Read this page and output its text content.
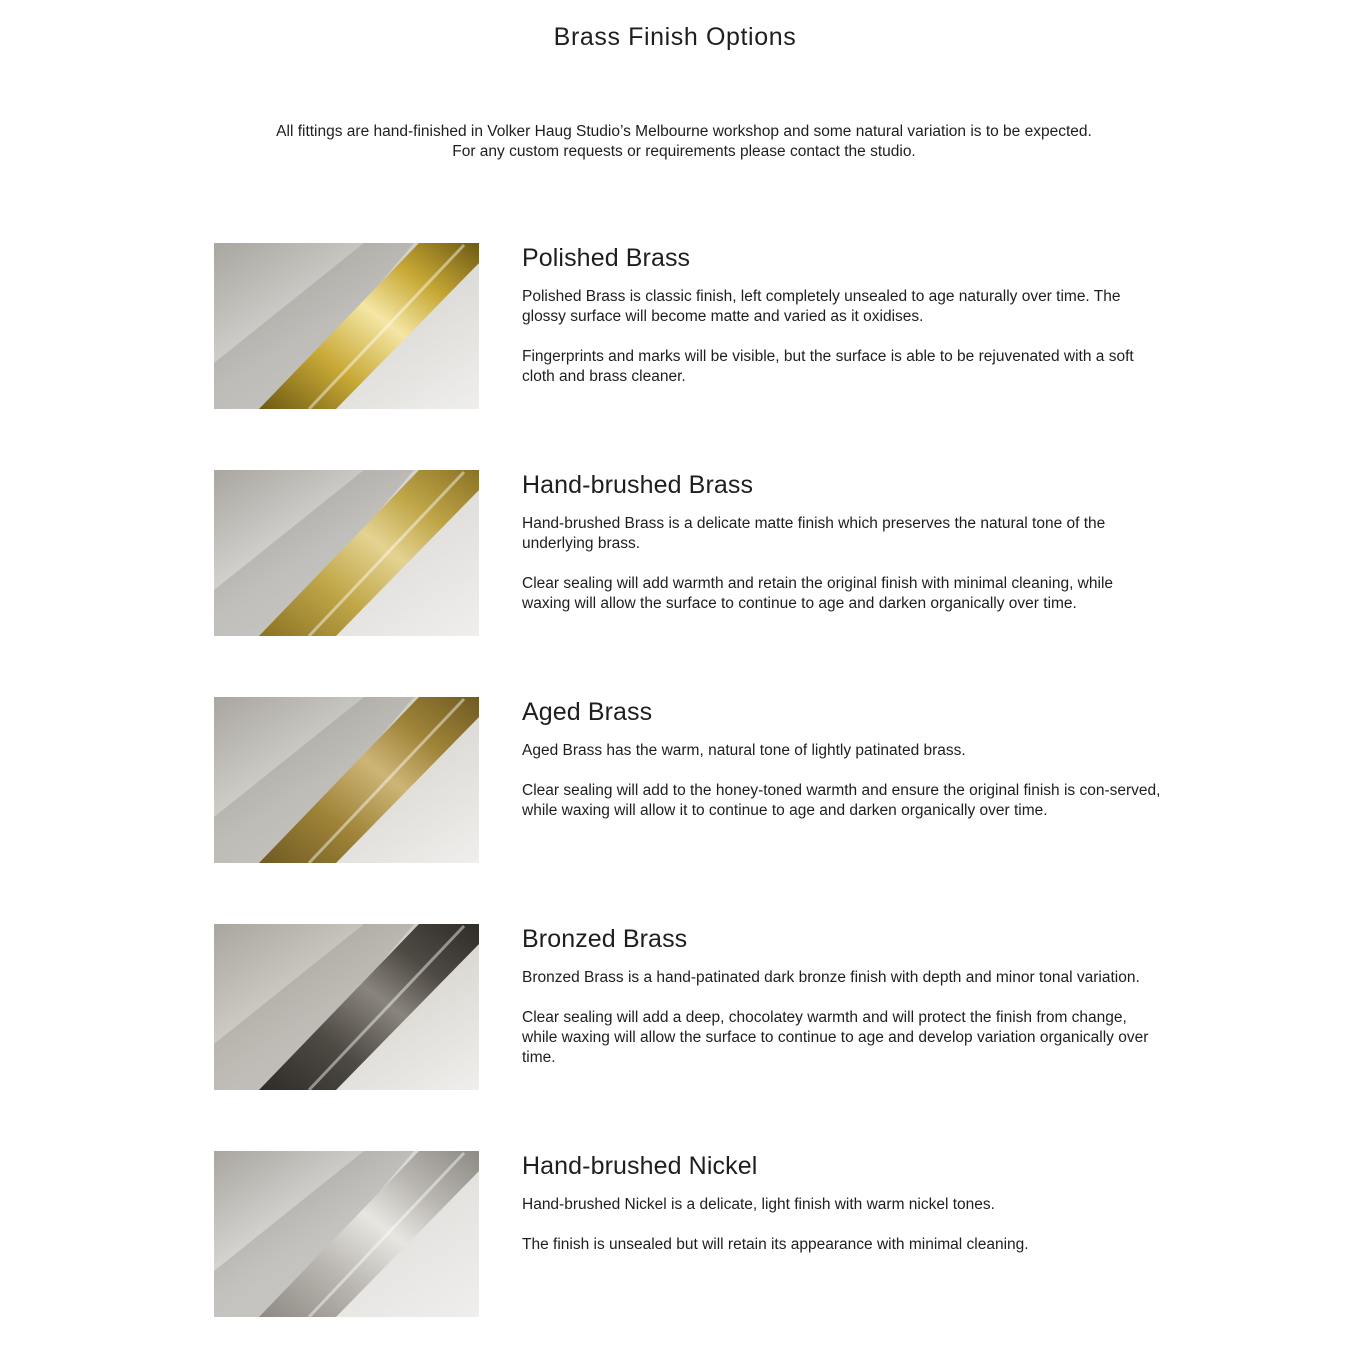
Brass Finish Options

All fittings are hand-finished in Volker Haug Studio’s Melbourne workshop and some natural variation is to be expected.

For any custom requests or requirements please contact the studio.

Polished Brass

Polished Brass is classic finish, left completely unsealed to age naturally over time. The glossy surface will become matte and varied as it oxidises.

Fingerprints and marks will be visible, but the surface is able to be rejuvenated with a soft cloth and brass cleaner.

Hand-brushed Brass

Hand-brushed Brass is a delicate matte finish which preserves the natural tone of the underlying brass.

Clear sealing will add warmth and retain the original finish with minimal cleaning, while waxing will allow the surface to continue to age and darken organically over time.

Aged Brass

Aged Brass has the warm, natural tone of lightly patinated brass.

Clear sealing will add to the honey-toned warmth and ensure the original finish is con-served, while waxing will allow it to continue to age and darken organically over time.

Bronzed Brass

Bronzed Brass is a hand-patinated dark bronze finish with depth and minor tonal variation.

Clear sealing will add a deep, chocolatey warmth and will protect the finish from change, while waxing will allow the surface to continue to age and develop variation organically over time.

Hand-brushed Nickel

Hand-brushed Nickel is a delicate, light finish with warm nickel tones.

The finish is unsealed but will retain its appearance with minimal cleaning.
